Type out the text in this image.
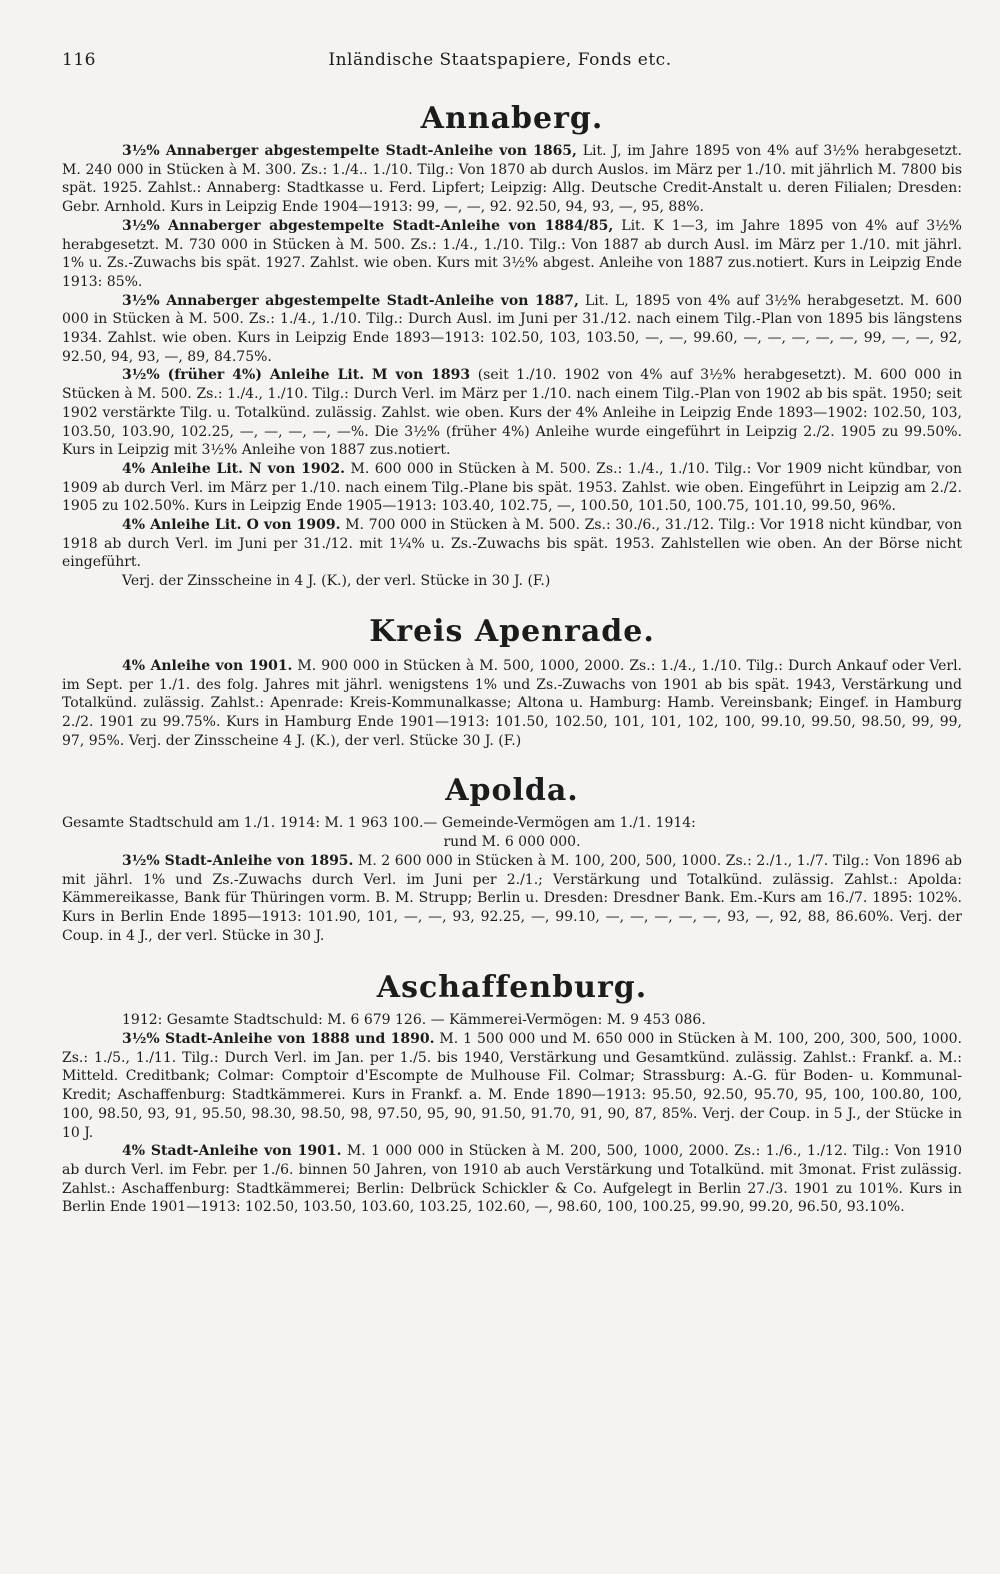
116	Inländische Staatspapiere, Fonds etc.
Annaberg.

3½% Annaberger abgestempelte Stadt-Anleihe von 1865, Lit. J, im Jahre 1895 von 4% auf 3½% herabgesetzt. M. 240 000 in Stücken à M. 300. Zs.: 1./4.. 1./10. Tilg.: Von 1870 ab durch Auslos. im März per 1./10. mit jährlich M. 7800 bis spät. 1925. Zahlst.: Annaberg: Stadtkasse u. Ferd. Lipfert; Leipzig: Allg. Deutsche Credit-Anstalt u. deren Filialen; Dresden: Gebr. Arnhold. Kurs in Leipzig Ende 1904—1913: 99, —, —, 92. 92.50, 94, 93, —, 95, 88%.

3½% Annaberger abgestempelte Stadt-Anleihe von 1884/85, Lit. K 1—3, im Jahre 1895 von 4% auf 3½% herabgesetzt. M. 730 000 in Stücken à M. 500. Zs.: 1./4., 1./10. Tilg.: Von 1887 ab durch Ausl. im März per 1./10. mit jährl. 1% u. Zs.-Zuwachs bis spät. 1927. Zahlst. wie oben. Kurs mit 3½% abgest. Anleihe von 1887 zus.notiert. Kurs in Leipzig Ende 1913: 85%.

3½% Annaberger abgestempelte Stadt-Anleihe von 1887, Lit. L, 1895 von 4% auf 3½% herabgesetzt. M. 600 000 in Stücken à M. 500. Zs.: 1./4., 1./10. Tilg.: Durch Ausl. im Juni per 31./12. nach einem Tilg.-Plan von 1895 bis längstens 1934. Zahlst. wie oben. Kurs in Leipzig Ende 1893—1913: 102.50, 103, 103.50, —, —, 99.60, —, —, —, —, —, 99, —, —, 92, 92.50, 94, 93, —, 89, 84.75%.

3½% (früher 4%) Anleihe Lit. M von 1893 (seit 1./10. 1902 von 4% auf 3½% herabgesetzt). M. 600 000 in Stücken à M. 500. Zs.: 1./4., 1./10. Tilg.: Durch Verl. im März per 1./10. nach einem Tilg.-Plan von 1902 ab bis spät. 1950; seit 1902 verstärkte Tilg. u. Totalkünd. zulässig. Zahlst. wie oben. Kurs der 4% Anleihe in Leipzig Ende 1893—1902: 102.50, 103, 103.50, 103.90, 102.25, —, —, —, —, —%. Die 3½% (früher 4%) Anleihe wurde eingeführt in Leipzig 2./2. 1905 zu 99.50%. Kurs in Leipzig mit 3½% Anleihe von 1887 zus.notiert.

4% Anleihe Lit. N von 1902. M. 600 000 in Stücken à M. 500. Zs.: 1./4., 1./10. Tilg.: Vor 1909 nicht kündbar, von 1909 ab durch Verl. im März per 1./10. nach einem Tilg.-Plane bis spät. 1953. Zahlst. wie oben. Eingeführt in Leipzig am 2./2. 1905 zu 102.50%. Kurs in Leipzig Ende 1905—1913: 103.40, 102.75, —, 100.50, 101.50, 100.75, 101.10, 99.50, 96%.

4% Anleihe Lit. O von 1909. M. 700 000 in Stücken à M. 500. Zs.: 30./6., 31./12. Tilg.: Vor 1918 nicht kündbar, von 1918 ab durch Verl. im Juni per 31./12. mit 1¼% u. Zs.-Zuwachs bis spät. 1953. Zahlstellen wie oben. An der Börse nicht eingeführt.

Verj. der Zinsscheine in 4 J. (K.), der verl. Stücke in 30 J. (F.)

Kreis Apenrade.

4% Anleihe von 1901. M. 900 000 in Stücken à M. 500, 1000, 2000. Zs.: 1./4., 1./10. Tilg.: Durch Ankauf oder Verl. im Sept. per 1./1. des folg. Jahres mit jährl. wenigstens 1% und Zs.-Zuwachs von 1901 ab bis spät. 1943, Verstärkung und Totalkünd. zulässig. Zahlst.: Apenrade: Kreis-Kommunalkasse; Altona u. Hamburg: Hamb. Vereinsbank; Eingef. in Hamburg 2./2. 1901 zu 99.75%. Kurs in Hamburg Ende 1901—1913: 101.50, 102.50, 101, 101, 102, 100, 99.10, 99.50, 98.50, 99, 99, 97, 95%. Verj. der Zinsscheine 4 J. (K.), der verl. Stücke 30 J. (F.)

Apolda.

Gesamte Stadtschuld am 1./1. 1914: M. 1 963 100.— Gemeinde-Vermögen am 1./1. 1914:

rund M. 6 000 000.

3½% Stadt-Anleihe von 1895. M. 2 600 000 in Stücken à M. 100, 200, 500, 1000. Zs.: 2./1., 1./7. Tilg.: Von 1896 ab mit jährl. 1% und Zs.-Zuwachs durch Verl. im Juni per 2./1.; Verstärkung und Totalkünd. zulässig. Zahlst.: Apolda: Kämmereikasse, Bank für Thüringen vorm. B. M. Strupp; Berlin u. Dresden: Dresdner Bank. Em.-Kurs am 16./7. 1895: 102%. Kurs in Berlin Ende 1895—1913: 101.90, 101, —, —, 93, 92.25, —, 99.10, —, —, —, —, —, 93, —, 92, 88, 86.60%. Verj. der Coup. in 4 J., der verl. Stücke in 30 J.

Aschaffenburg.

1912: Gesamte Stadtschuld: M. 6 679 126. — Kämmerei-Vermögen: M. 9 453 086.

3½% Stadt-Anleihe von 1888 und 1890. M. 1 500 000 und M. 650 000 in Stücken à M. 100, 200, 300, 500, 1000. Zs.: 1./5., 1./11. Tilg.: Durch Verl. im Jan. per 1./5. bis 1940, Verstärkung und Gesamtkünd. zulässig. Zahlst.: Frankf. a. M.: Mitteld. Creditbank; Colmar: Comptoir d'Escompte de Mulhouse Fil. Colmar; Strassburg: A.-G. für Boden- u. Kommunal-Kredit; Aschaffenburg: Stadtkämmerei. Kurs in Frankf. a. M. Ende 1890—1913: 95.50, 92.50, 95.70, 95, 100, 100.80, 100, 100, 98.50, 93, 91, 95.50, 98.30, 98.50, 98, 97.50, 95, 90, 91.50, 91.70, 91, 90, 87, 85%. Verj. der Coup. in 5 J., der Stücke in 10 J.

4% Stadt-Anleihe von 1901. M. 1 000 000 in Stücken à M. 200, 500, 1000, 2000. Zs.: 1./6., 1./12. Tilg.: Von 1910 ab durch Verl. im Febr. per 1./6. binnen 50 Jahren, von 1910 ab auch Verstärkung und Totalkünd. mit 3monat. Frist zulässig. Zahlst.: Aschaffenburg: Stadtkämmerei; Berlin: Delbrück Schickler & Co. Aufgelegt in Berlin 27./3. 1901 zu 101%. Kurs in Berlin Ende 1901—1913: 102.50, 103.50, 103.60, 103.25, 102.60, —, 98.60, 100, 100.25, 99.90, 99.20, 96.50, 93.10%.
